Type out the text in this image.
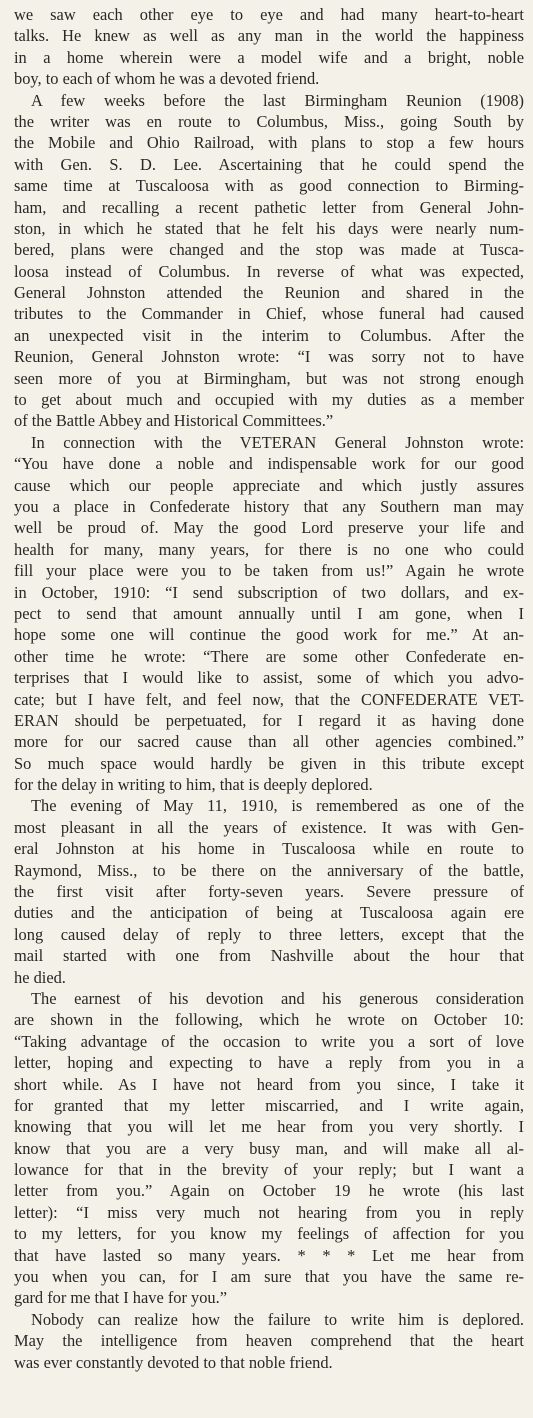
we saw each other eye to eye and had many heart-to-heart
talks. He knew as well as any man in the world the happiness
in a home wherein were a model wife and a bright, noble
boy, to each of whom he was a devoted friend.
A few weeks before the last Birmingham Reunion (1908)
the writer was en route to Columbus, Miss., going South by
the Mobile and Ohio Railroad, with plans to stop a few hours
with Gen. S. D. Lee. Ascertaining that he could spend the
same time at Tuscaloosa with as good connection to Birming-
ham, and recalling a recent pathetic letter from General John-
ston, in which he stated that he felt his days were nearly num-
bered, plans were changed and the stop was made at Tusca-
loosa instead of Columbus. In reverse of what was expected,
General Johnston attended the Reunion and shared in the
tributes to the Commander in Chief, whose funeral had caused
an unexpected visit in the interim to Columbus. After the
Reunion, General Johnston wrote: “I was sorry not to have
seen more of you at Birmingham, but was not strong enough
to get about much and occupied with my duties as a member
of the Battle Abbey and Historical Committees.”
In connection with the VETERAN General Johnston wrote:
“You have done a noble and indispensable work for our good
cause which our people appreciate and which justly assures
you a place in Confederate history that any Southern man may
well be proud of. May the good Lord preserve your life and
health for many, many years, for there is no one who could
fill your place were you to be taken from us!” Again he wrote
in October, 1910: “I send subscription of two dollars, and ex-
pect to send that amount annually until I am gone, when I
hope some one will continue the good work for me.” At an-
other time he wrote: “There are some other Confederate en-
terprises that I would like to assist, some of which you advo-
cate; but I have felt, and feel now, that the CONFEDERATE VET-
ERAN should be perpetuated, for I regard it as having done
more for our sacred cause than all other agencies combined.”
So much space would hardly be given in this tribute except
for the delay in writing to him, that is deeply deplored.
The evening of May 11, 1910, is remembered as one of the
most pleasant in all the years of existence. It was with Gen-
eral Johnston at his home in Tuscaloosa while en route to
Raymond, Miss., to be there on the anniversary of the battle,
the first visit after forty-seven years. Severe pressure of
duties and the anticipation of being at Tuscaloosa again ere
long caused delay of reply to three letters, except that the
mail started with one from Nashville about the hour that
he died.
The earnest of his devotion and his generous consideration
are shown in the following, which he wrote on October 10:
“Taking advantage of the occasion to write you a sort of love
letter, hoping and expecting to have a reply from you in a
short while. As I have not heard from you since, I take it
for granted that my letter miscarried, and I write again,
knowing that you will let me hear from you very shortly. I
know that you are a very busy man, and will make all al-
lowance for that in the brevity of your reply; but I want a
letter from you.” Again on October 19 he wrote (his last
letter): “I miss very much not hearing from you in reply
to my letters, for you know my feelings of affection for you
that have lasted so many years. * * * Let me hear from
you when you can, for I am sure that you have the same re-
gard for me that I have for you.”
Nobody can realize how the failure to write him is deplored.
May the intelligence from heaven comprehend that the heart
was ever constantly devoted to that noble friend.
